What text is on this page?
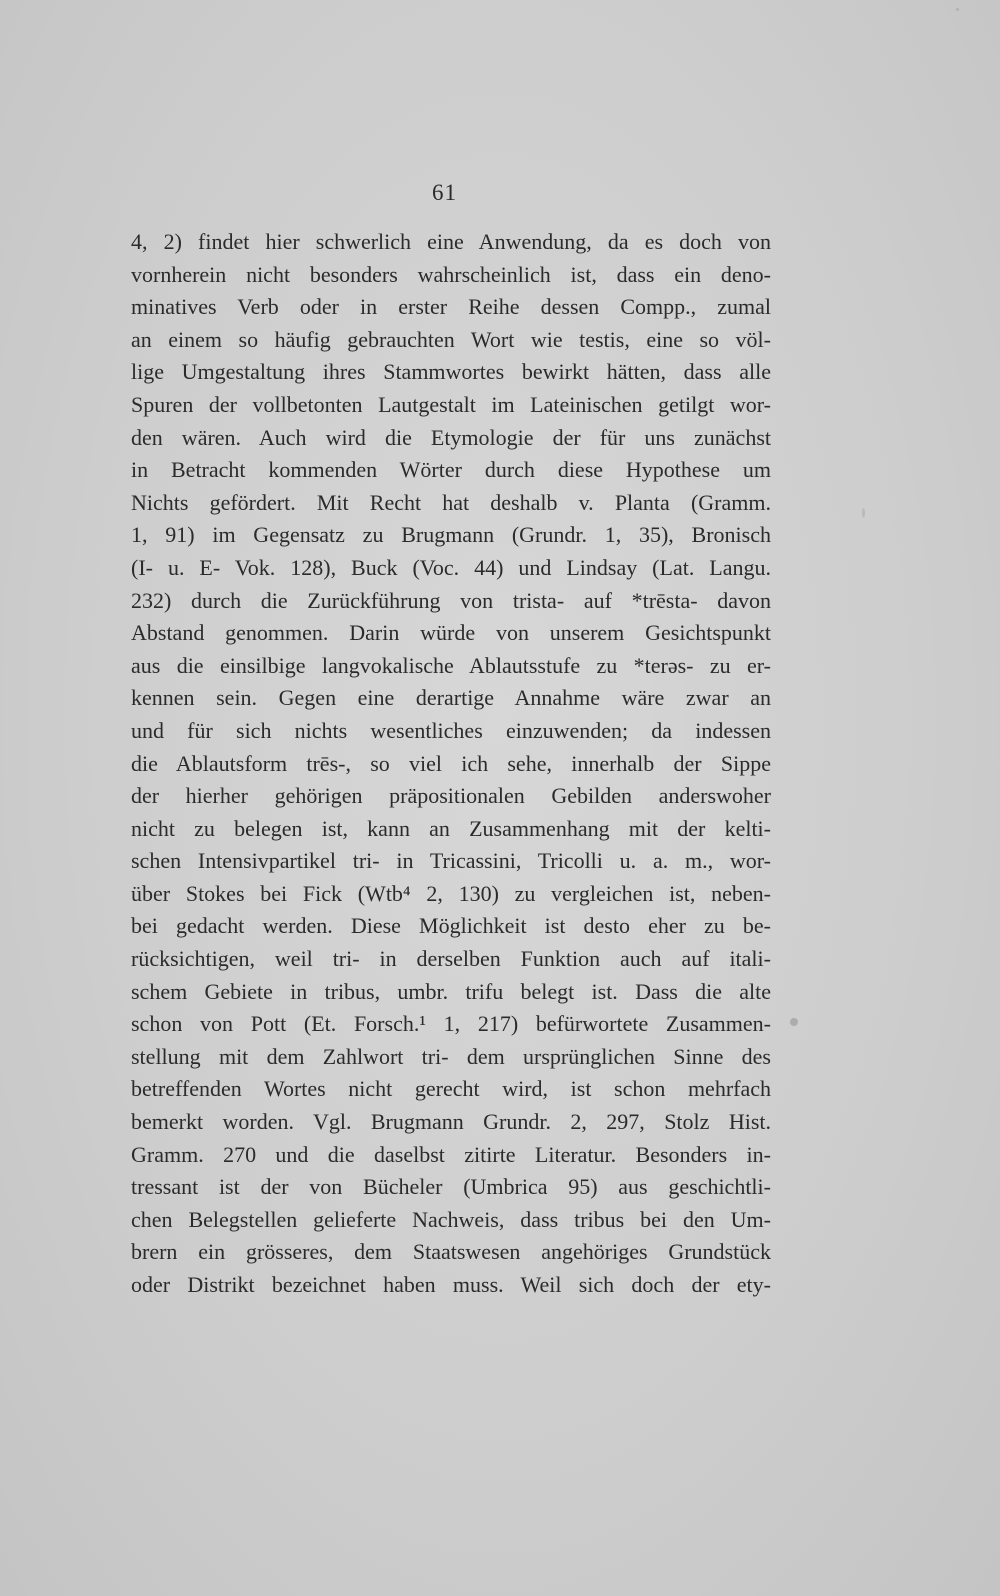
61
4, 2) findet hier schwerlich eine Anwendung, da es doch von
vornherein nicht besonders wahrscheinlich ist, dass ein deno-
minatives Verb oder in erster Reihe dessen Compp., zumal
an einem so häufig gebrauchten Wort wie testis, eine so völ-
lige Umgestaltung ihres Stammwortes bewirkt hätten, dass alle
Spuren der vollbetonten Lautgestalt im Lateinischen getilgt wor-
den wären. Auch wird die Etymologie der für uns zunächst
in Betracht kommenden Wörter durch diese Hypothese um
Nichts gefördert. Mit Recht hat deshalb v. Planta (Gramm.
1, 91) im Gegensatz zu Brugmann (Grundr. 1, 35), Bronisch
(I- u. E- Vok. 128), Buck (Voc. 44) und Lindsay (Lat. Langu.
232) durch die Zurückführung von trista- auf *trēsta- davon
Abstand genommen. Darin würde von unserem Gesichtspunkt
aus die einsilbige langvokalische Ablautsstufe zu *terəs- zu er-
kennen sein. Gegen eine derartige Annahme wäre zwar an
und für sich nichts wesentliches einzuwenden; da indessen
die Ablautsform trēs-, so viel ich sehe, innerhalb der Sippe
der hierher gehörigen präpositionalen Gebilden anderswoher
nicht zu belegen ist, kann an Zusammenhang mit der kelti-
schen Intensivpartikel tri- in Tricassini, Tricolli u. a. m., wor-
über Stokes bei Fick (Wtb⁴ 2, 130) zu vergleichen ist, neben-
bei gedacht werden. Diese Möglichkeit ist desto eher zu be-
rücksichtigen, weil tri- in derselben Funktion auch auf itali-
schem Gebiete in tribus, umbr. trifu belegt ist. Dass die alte
schon von Pott (Et. Forsch.¹ 1, 217) befürwortete Zusammen-
stellung mit dem Zahlwort tri- dem ursprünglichen Sinne des
betreffenden Wortes nicht gerecht wird, ist schon mehrfach
bemerkt worden. Vgl. Brugmann Grundr. 2, 297, Stolz Hist.
Gramm. 270 und die daselbst zitirte Literatur. Besonders in-
tressant ist der von Bücheler (Umbrica 95) aus geschichtli-
chen Belegstellen gelieferte Nachweis, dass tribus bei den Um-
brern ein grösseres, dem Staatswesen angehöriges Grundstück
oder Distrikt bezeichnet haben muss. Weil sich doch der ety-
